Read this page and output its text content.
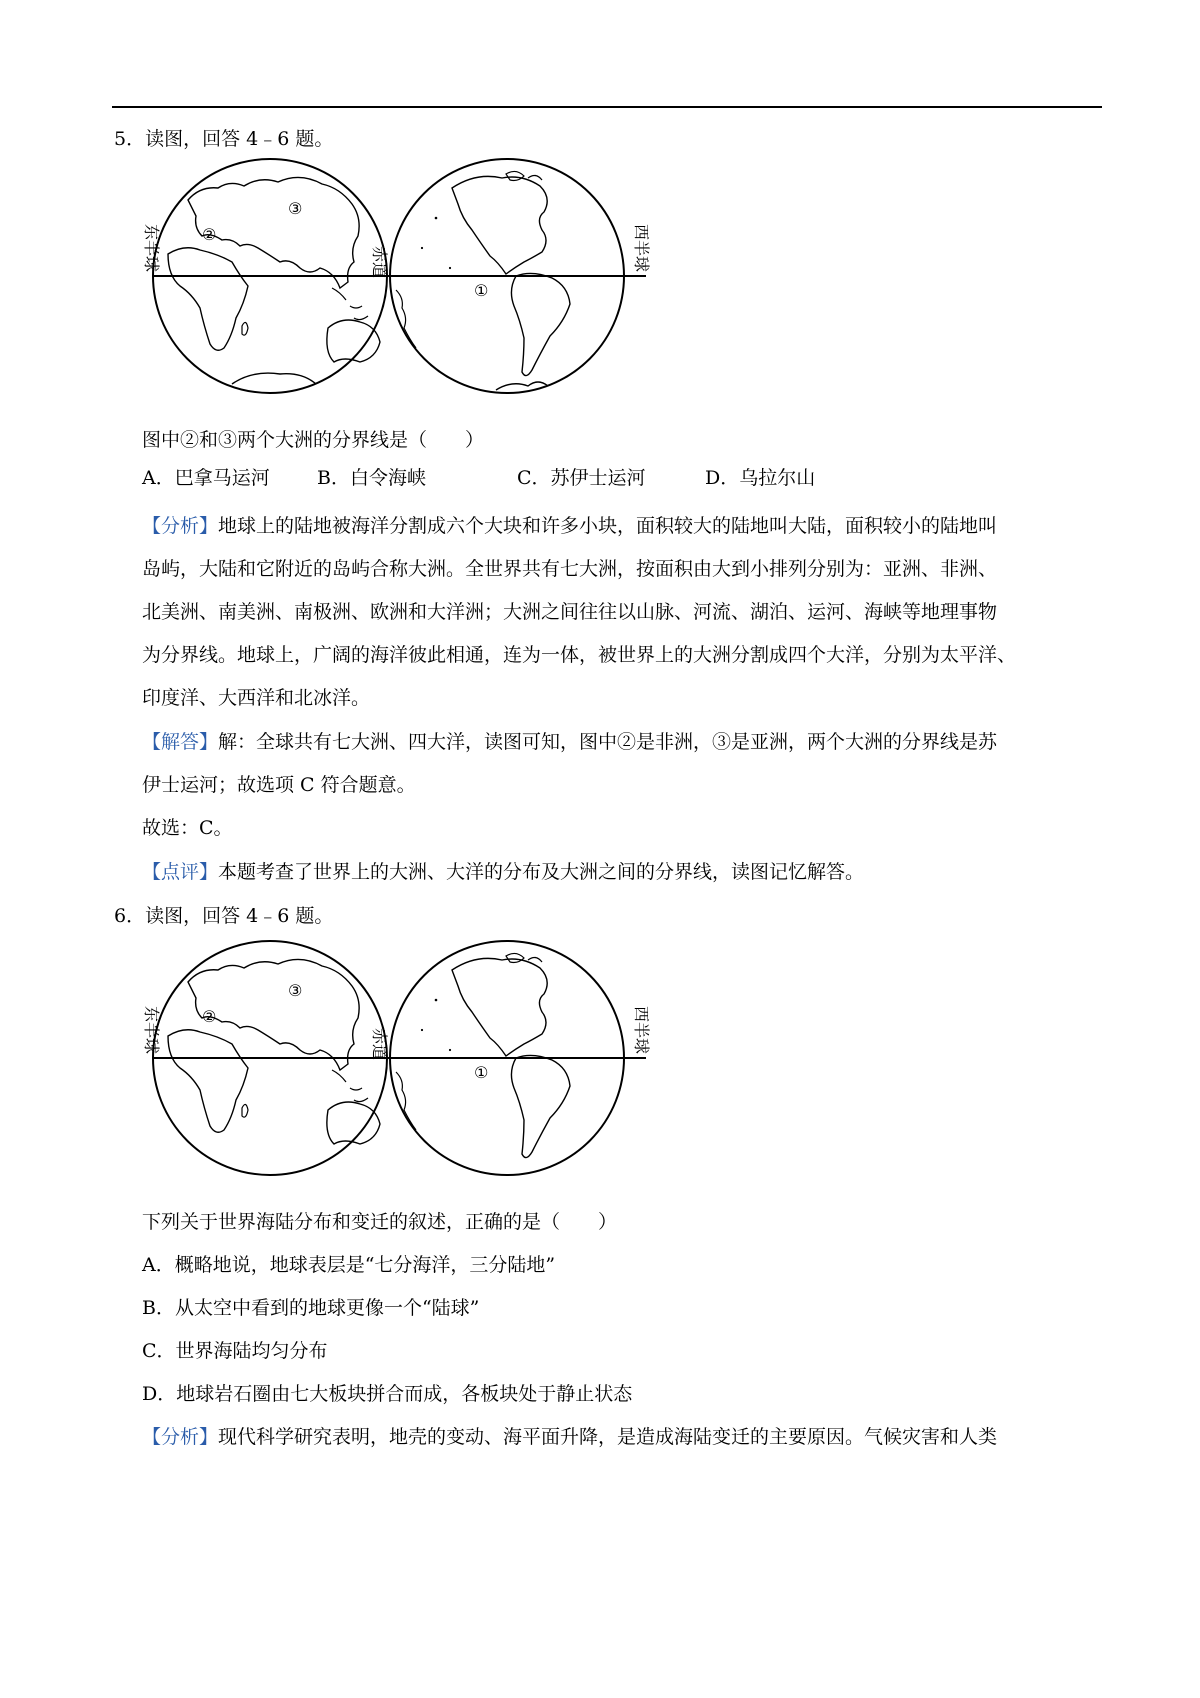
5．读图，回答 4﹣6 题。
②
③
①
东半球	西半球
赤道
图中②和③两个大洲的分界线是（　　）
A．巴拿马运河 B．白令海峡	C．苏伊士运河	D．乌拉尔山
【分析】地球上的陆地被海洋分割成六个大块和许多小块，面积较大的陆地叫大陆，面积较小的陆地叫
岛屿，大陆和它附近的岛屿合称大洲。全世界共有七大洲，按面积由大到小排列分别为：亚洲、非洲、
北美洲、南美洲、南极洲、欧洲和大洋洲；大洲之间往往以山脉、河流、湖泊、运河、海峡等地理事物
为分界线。地球上，广阔的海洋彼此相通，连为一体，被世界上的大洲分割成四个大洋，分别为太平洋、
印度洋、大西洋和北冰洋。
【解答】解：全球共有七大洲、四大洋，读图可知，图中②是非洲，③是亚洲，两个大洲的分界线是苏
伊士运河；故选项 C 符合题意。
故选：C。
【点评】本题考查了世界上的大洲、大洋的分布及大洲之间的分界线，读图记忆解答。
6．读图，回答 4﹣6 题。
②
③
①
东半球	西半球
赤道
下列关于世界海陆分布和变迁的叙述，正确的是（　　）
A．概略地说，地球表层是“七分海洋，三分陆地”
B．从太空中看到的地球更像一个“陆球”
C．世界海陆均匀分布
D．地球岩石圈由七大板块拼合而成，各板块处于静止状态
【分析】现代科学研究表明，地壳的变动、海平面升降，是造成海陆变迁的主要原因。气候灾害和人类
